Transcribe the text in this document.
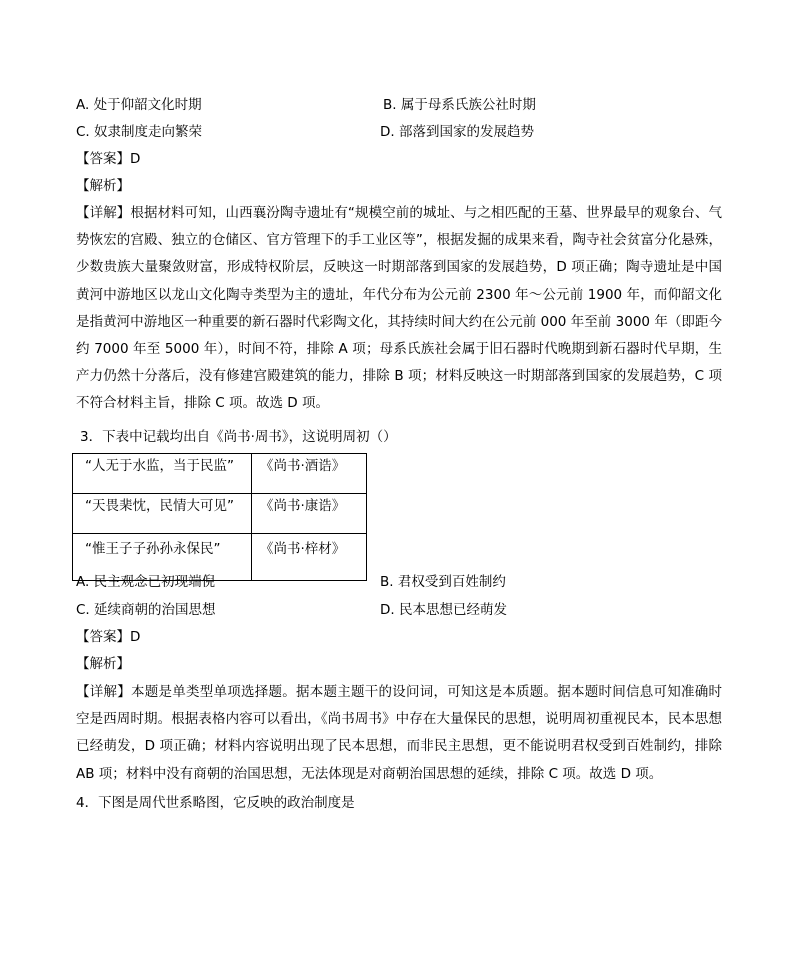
A. 处于仰韶文化时期	B. 属于母系氏族公社时期
C. 奴隶制度走向繁荣	D. 部落到国家的发展趋势
【答案】D
【解析】
【详解】根据材料可知，山西襄汾陶寺遗址有“规模空前的城址、与之相匹配的王墓、世界最早的观象台、气势恢宏的宫殿、独立的仓储区、官方管理下的手工业区等”，根据发掘的成果来看，陶寺社会贫富分化悬殊，少数贵族大量聚敛财富，形成特权阶层，反映这一时期部落到国家的发展趋势，D 项正确；陶寺遗址是中国黄河中游地区以龙山文化陶寺类型为主的遗址，年代分布为公元前 2300 年～公元前 1900 年，而仰韶文化是指黄河中游地区一种重要的新石器时代彩陶文化，其持续时间大约在公元前 000 年至前 3000 年（即距今约 7000 年至 5000 年），时间不符，排除 A 项；母系氏族社会属于旧石器时代晚期到新石器时代早期，生产力仍然十分落后，没有修建宫殿建筑的能力，排除 B 项；材料反映这一时期部落到国家的发展趋势，C 项不符合材料主旨，排除 C 项。故选 D 项。
3．下表中记载均出自《尚书·周书》，这说明周初（）
“人无于水监，当于民监”	《尚书·酒诰》
“天畏棐忱，民情大可见”	《尚书·康诰》
“惟王子子孙孙永保民”	《尚书·梓材》
A. 民主观念已初现端倪	B. 君权受到百姓制约
C. 延续商朝的治国思想	D. 民本思想已经萌发
【答案】D
【解析】
【详解】本题是单类型单项选择题。据本题主题干的设问词，可知这是本质题。据本题时间信息可知准确时空是西周时期。根据表格内容可以看出，《尚书周书》中存在大量保民的思想，说明周初重视民本，民本思想已经萌发，D 项正确；材料内容说明出现了民本思想，而非民主思想，更不能说明君权受到百姓制约，排除 AB 项；材料中没有商朝的治国思想，无法体现是对商朝治国思想的延续，排除 C 项。故选 D 项。
4．下图是周代世系略图，它反映的政治制度是
